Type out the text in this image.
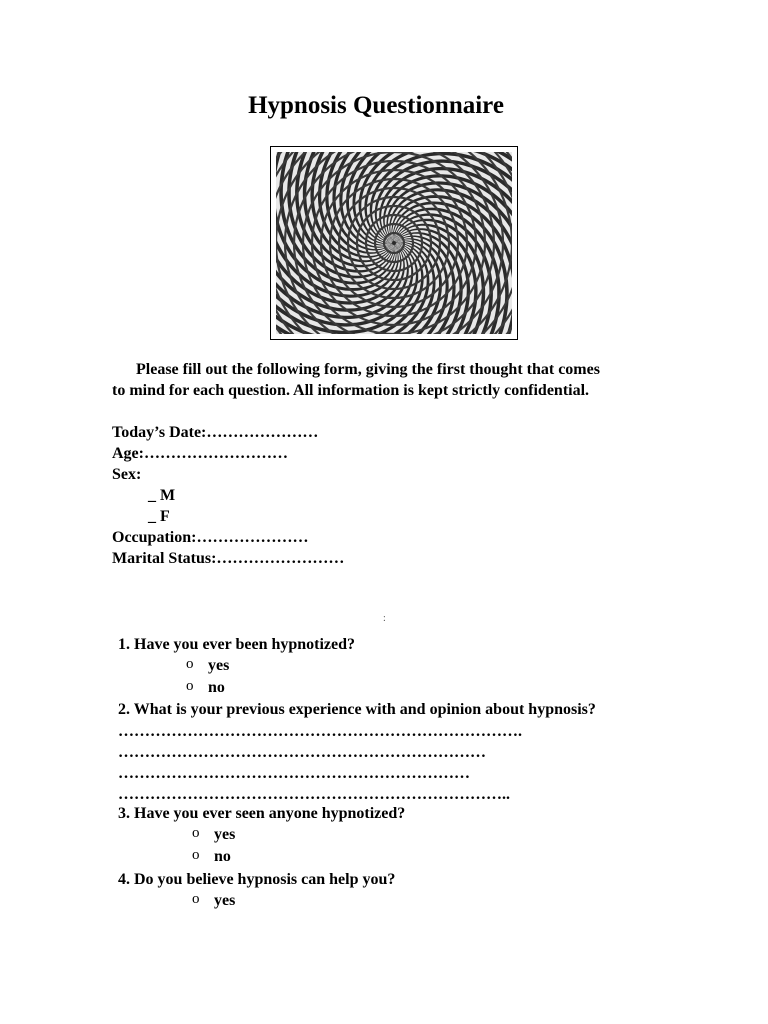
Hypnosis Questionnaire
Please fill out the following form, giving the first thought that comes
to mind for each question. All information is kept strictly confidential.
Today’s Date:…………………
Age:………………………
Sex:
_ M
_ F
Occupation:…………………
Marital Status:……………………
:
1. Have you ever been hypnotized?
o yes
o no
2. What is your previous experience with and opinion about hypnosis?
………………………………………………………………….
……………………………………………………………
…………………………………………………………
………………………………………………………………..
3. Have you ever seen anyone hypnotized?
o yes
o no
4. Do you believe hypnosis can help you?
o yes
